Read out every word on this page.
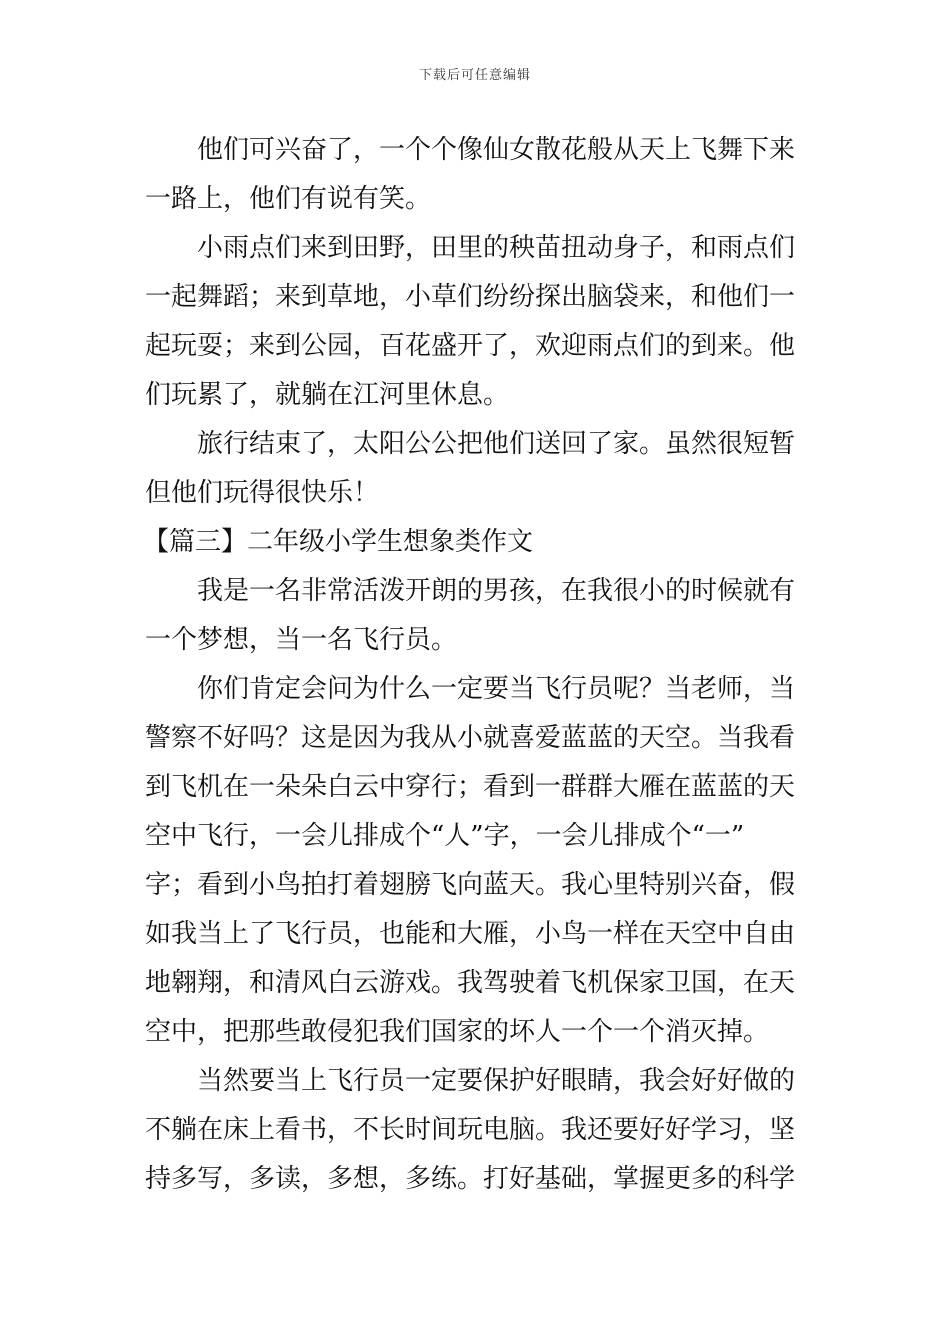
下载后可任意编辑
他们可兴奋了，一个个像仙女散花般从天上飞舞下来
一路上，他们有说有笑。
小雨点们来到田野，田里的秧苗扭动身子，和雨点们
一起舞蹈；来到草地，小草们纷纷探出脑袋来，和他们一
起玩耍；来到公园，百花盛开了，欢迎雨点们的到来。他
们玩累了，就躺在江河里休息。
旅行结束了，太阳公公把他们送回了家。虽然很短暂
但他们玩得很快乐！
【篇三】二年级小学生想象类作文
我是一名非常活泼开朗的男孩，在我很小的时候就有
一个梦想，当一名飞行员。
你们肯定会问为什么一定要当飞行员呢？当老师，当
警察不好吗？这是因为我从小就喜爱蓝蓝的天空。当我看
到飞机在一朵朵白云中穿行；看到一群群大雁在蓝蓝的天
空中飞行，一会儿排成个“人”字，一会儿排成个“一”
字；看到小鸟拍打着翅膀飞向蓝天。我心里特别兴奋，假
如我当上了飞行员，也能和大雁，小鸟一样在天空中自由
地翱翔，和清风白云游戏。我驾驶着飞机保家卫国，在天
空中，把那些敢侵犯我们国家的坏人一个一个消灭掉。
当然要当上飞行员一定要保护好眼睛，我会好好做的
不躺在床上看书，不长时间玩电脑。我还要好好学习，坚
持多写，多读，多想，多练。打好基础，掌握更多的科学
